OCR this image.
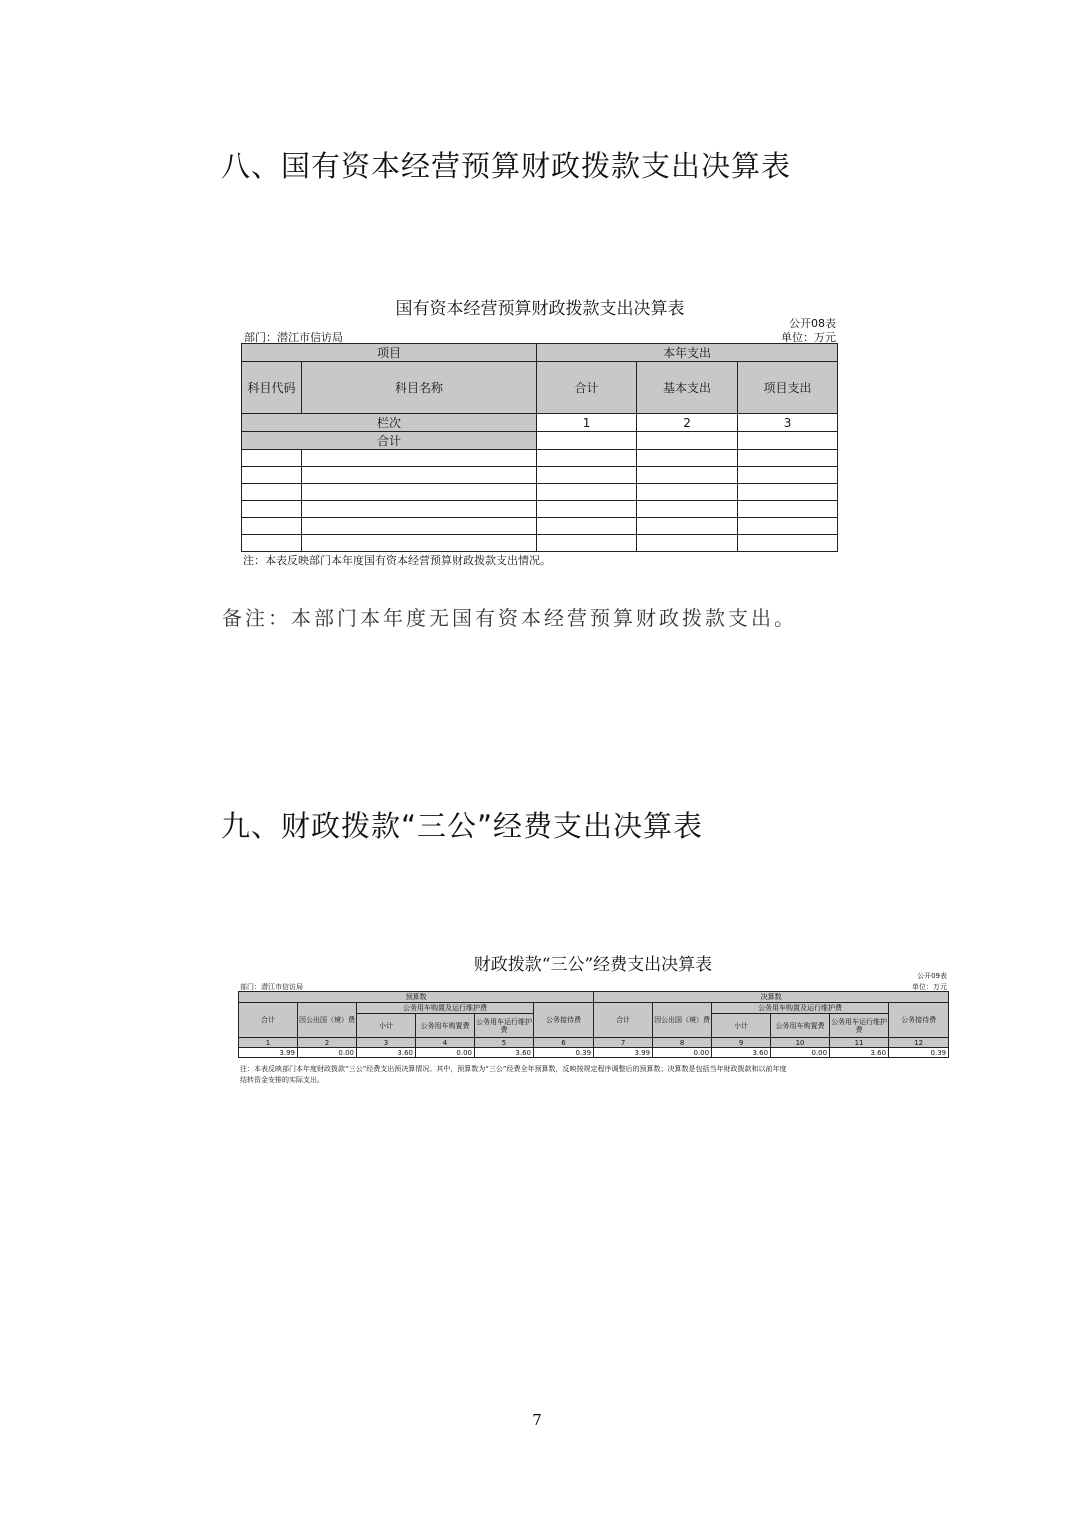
八、国有资本经营预算财政拨款支出决算表
国有资本经营预算财政拨款支出决算表
公开08表
部门：潜江市信访局	单位：万元
项目		本年支出		
科目代码	科目名称	合计	基本支出	项目支出
栏次		1	2	3
合计				

注：本表反映部门本年度国有资本经营预算财政拨款支出情况。
备注：本部门本年度无国有资本经营预算财政拨款支出。
九、财政拨款“三公”经费支出决算表
财政拨款“三公”经费支出决算表
公开09表
部门：潜江市信访局	单位：万元
预算数						决算数					
合计	因公出国（境）费	公务用车购置及运行维护费			公务接待费	合计	因公出国（境）费	公务用车购置及运行维护费			公务接待费
		小计	公务用车购置费	公务用车运行维护费				小计	公务用车购置费	公务用车运行维护费	
1	2	3	4	5	6	7	8	9	10	11	12
3.99	0.00	3.60	0.00	3.60	0.39	3.99	0.00	3.60	0.00	3.60	0.39
注：本表反映部门本年度财政拨款“三公”经费支出预决算情况。其中，预算数为“三公”经费全年预算数，反映按规定程序调整后的预算数；决算数是包括当年财政拨款和以前年度
结转资金安排的实际支出。
7
